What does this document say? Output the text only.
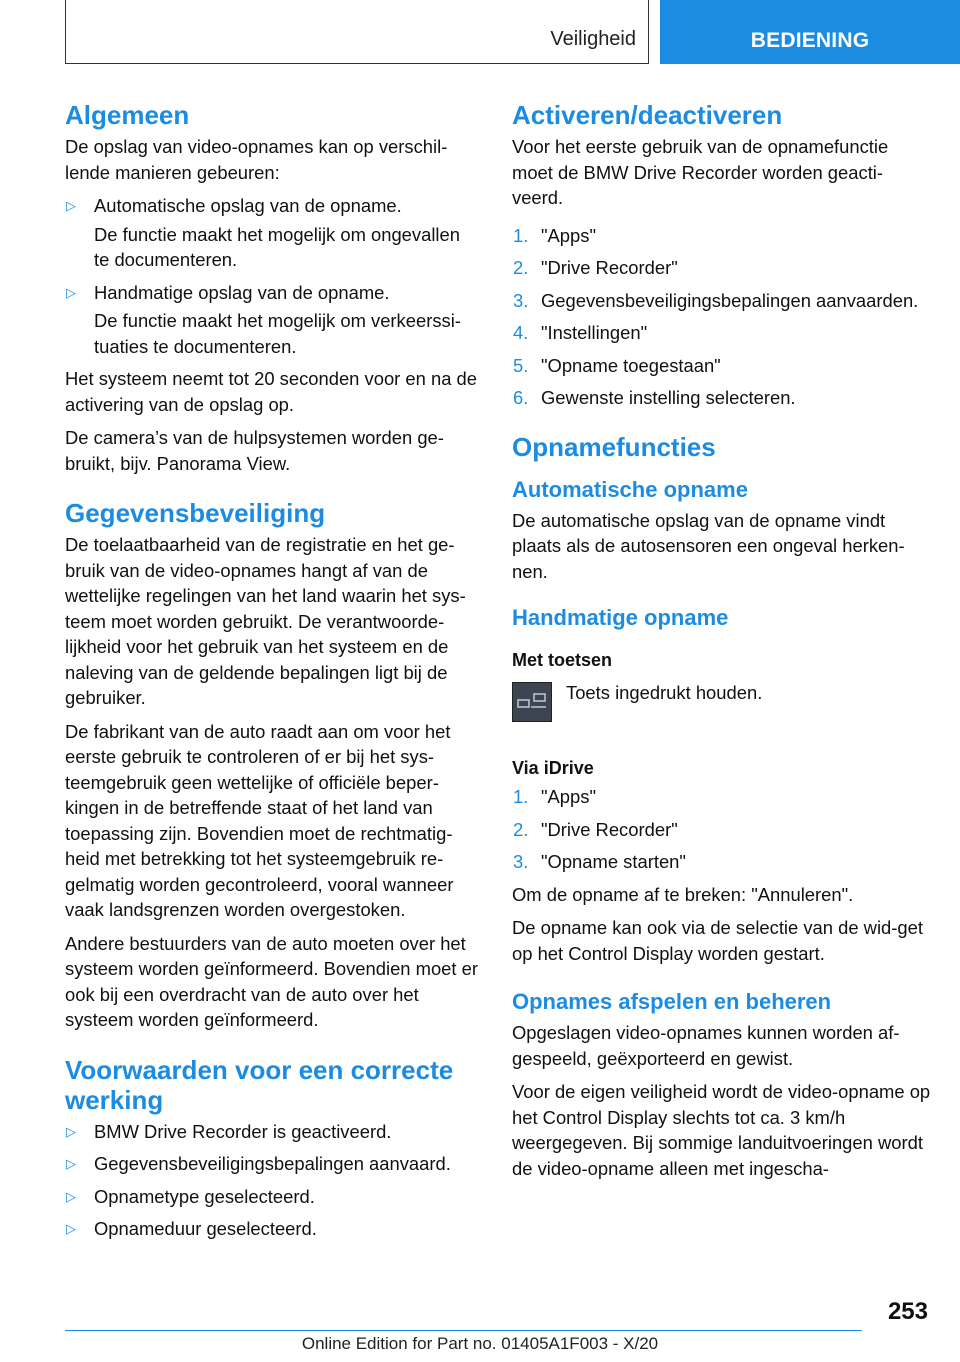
Veiligheid	BEDIENING
Algemeen

De opslag van video-opnames kan op verschil-lende manieren gebeuren:

▷ Automatische opslag van de opname.

De functie maakt het mogelijk om ongevallen te documenteren.

▷ Handmatige opslag van de opname.

De functie maakt het mogelijk om verkeerssi-tuaties te documenteren.

Het systeem neemt tot 20 seconden voor en na de activering van de opslag op.

De camera’s van de hulpsystemen worden ge-bruikt, bijv. Panorama View.

Gegevensbeveiliging

De toelaatbaarheid van de registratie en het ge-bruik van de video-opnames hangt af van de wettelijke regelingen van het land waarin het sys-teem moet worden gebruikt. De verantwoorde-lijkheid voor het gebruik van het systeem en de naleving van de geldende bepalingen ligt bij de gebruiker.

De fabrikant van de auto raadt aan om voor het eerste gebruik te controleren of er bij het sys-teemgebruik geen wettelijke of officiële beper-kingen in de betreffende staat of het land van toepassing zijn. Bovendien moet de rechtmatig-heid met betrekking tot het systeemgebruik re-gelmatig worden gecontroleerd, vooral wanneer vaak landsgrenzen worden overgestoken.

Andere bestuurders van de auto moeten over het systeem worden geïnformeerd. Bovendien moet er ook bij een overdracht van de auto over het systeem worden geïnformeerd.

Voorwaarden voor een correcte werking
▷ BMW Drive Recorder is geactiveerd.
▷ Gegevensbeveiligingsbepalingen aanvaard.
▷ Opnametype geselecteerd.
▷ Opnameduur geselecteerd.
Activeren/deactiveren

Voor het eerste gebruik van de opnamefunctie moet de BMW Drive Recorder worden geacti-veerd.

1. "Apps"
2. "Drive Recorder"
3. Gegevensbeveiligingsbepalingen aanvaarden.
4. "Instellingen"
5. "Opname toegestaan"
6. Gewenste instelling selecteren.
Opnamefuncties
Automatische opname

De automatische opslag van de opname vindt plaats als de autosensoren een ongeval herken-nen.

Handmatige opname
Met toetsen

Toets ingedrukt houden.

Via iDrive
1. "Apps"
2. "Drive Recorder"
3. "Opname starten"

Om de opname af te breken: "Annuleren".

De opname kan ook via de selectie van de wid-get op het Control Display worden gestart.

Opnames afspelen en beheren

Opgeslagen video-opnames kunnen worden af-gespeeld, geëxporteerd en gewist.

Voor de eigen veiligheid wordt de video-opname op het Control Display slechts tot ca. 3 km/h weergegeven. Bij sommige landuitvoeringen wordt de video-opname alleen met ingescha-

253
Online Edition for Part no. 01405A1F003 - X/20
